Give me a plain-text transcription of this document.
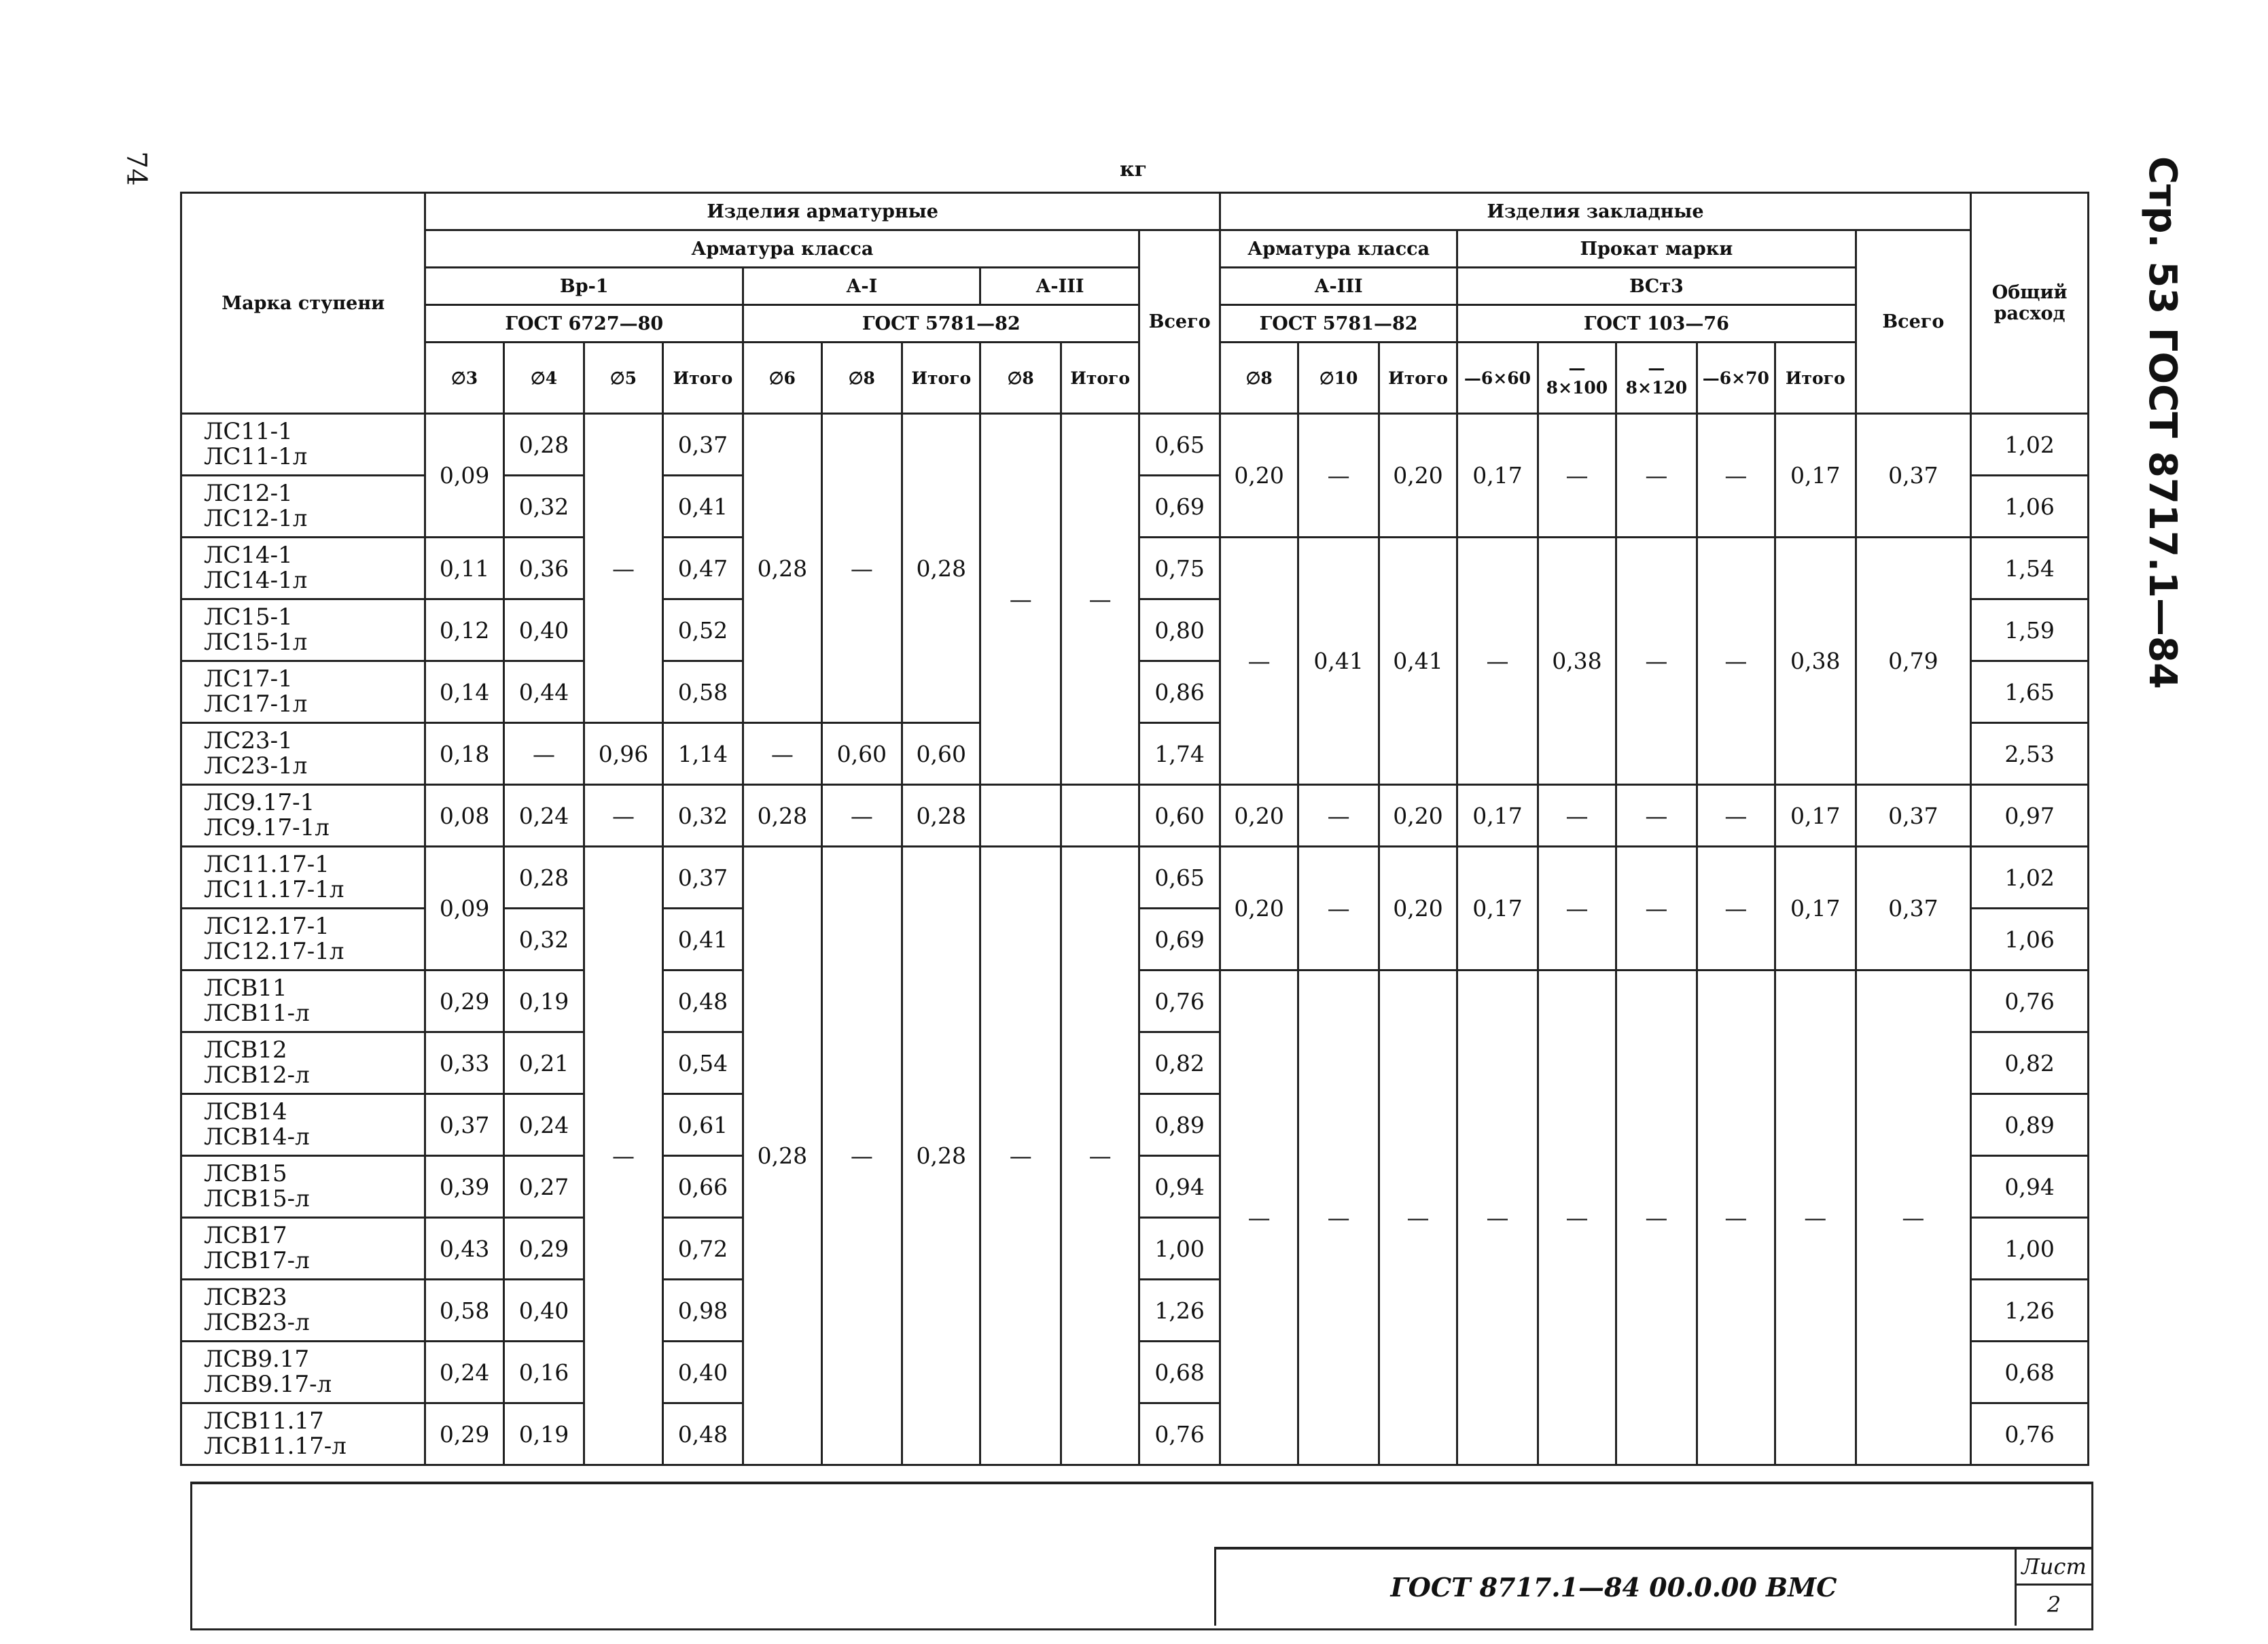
74	кг	Стр. 53 ГОСТ 8717.1—84
Марка ступени	Изделия арматурные										Изделия закладные									Общий расход
	Арматура класса									Всего	Арматура класса			Прокат марки					Всего	
	Вр-1				А-I			А-III			А-III			ВСт3						
	ГОСТ 6727—80				ГОСТ 5781—82						ГОСТ 5781—82			ГОСТ 103—76						
	∅3	∅4	∅5	Итого	∅6	∅8	Итого	∅8	Итого		∅8	∅10	Итого	—6×60	—8×100	—8×120	—6×70	Итого		

ЛС11-1
ЛС11-1л	0,09	0,28	—	0,37	0,28	—	0,28	—	—	0,65	0,20	—	0,20	0,17	—	—	—	0,17	0,37	1,02

ЛС12-1
ЛС12-1л		0,32		0,41						0,69										1,06

ЛС14-1
ЛС14-1л	0,11	0,36		0,47						0,75	—	0,41	0,41	—	0,38	—	—	0,38	0,79	1,54

ЛС15-1
ЛС15-1л	0,12	0,40		0,52						0,80										1,59

ЛС17-1
ЛС17-1л	0,14	0,44		0,58						0,86										1,65

ЛС23-1
ЛС23-1л	0,18	—	0,96	1,14	—	0,60	0,60			1,74										2,53

ЛС9.17-1
ЛС9.17-1л	0,08	0,24	—	0,32	0,28	—	0,28			0,60	0,20	—	0,20	0,17	—	—	—	0,17	0,37	0,97

ЛС11.17-1
ЛС11.17-1л	0,09	0,28	—	0,37	0,28	—	0,28	—	—	0,65	0,20	—	0,20	0,17	—	—	—	0,17	0,37	1,02

ЛС12.17-1
ЛС12.17-1л		0,32		0,41						0,69										1,06

ЛСВ11
ЛСВ11-л	0,29	0,19		0,48						0,76	—	—	—	—	—	—	—	—	—	0,76

ЛСВ12
ЛСВ12-л	0,33	0,21		0,54						0,82										0,82

ЛСВ14
ЛСВ14-л	0,37	0,24		0,61						0,89										0,89

ЛСВ15
ЛСВ15-л	0,39	0,27		0,66						0,94										0,94

ЛСВ17
ЛСВ17-л	0,43	0,29		0,72						1,00										1,00

ЛСВ23
ЛСВ23-л	0,58	0,40		0,98						1,26										1,26

ЛСВ9.17
ЛСВ9.17-л	0,24	0,16		0,40						0,68										0,68

ЛСВ11.17
ЛСВ11.17-л	0,29	0,19		0,48						0,76										0,76
ГОСТ 8717.1—84 00.0.00 ВМС
Лист
2
